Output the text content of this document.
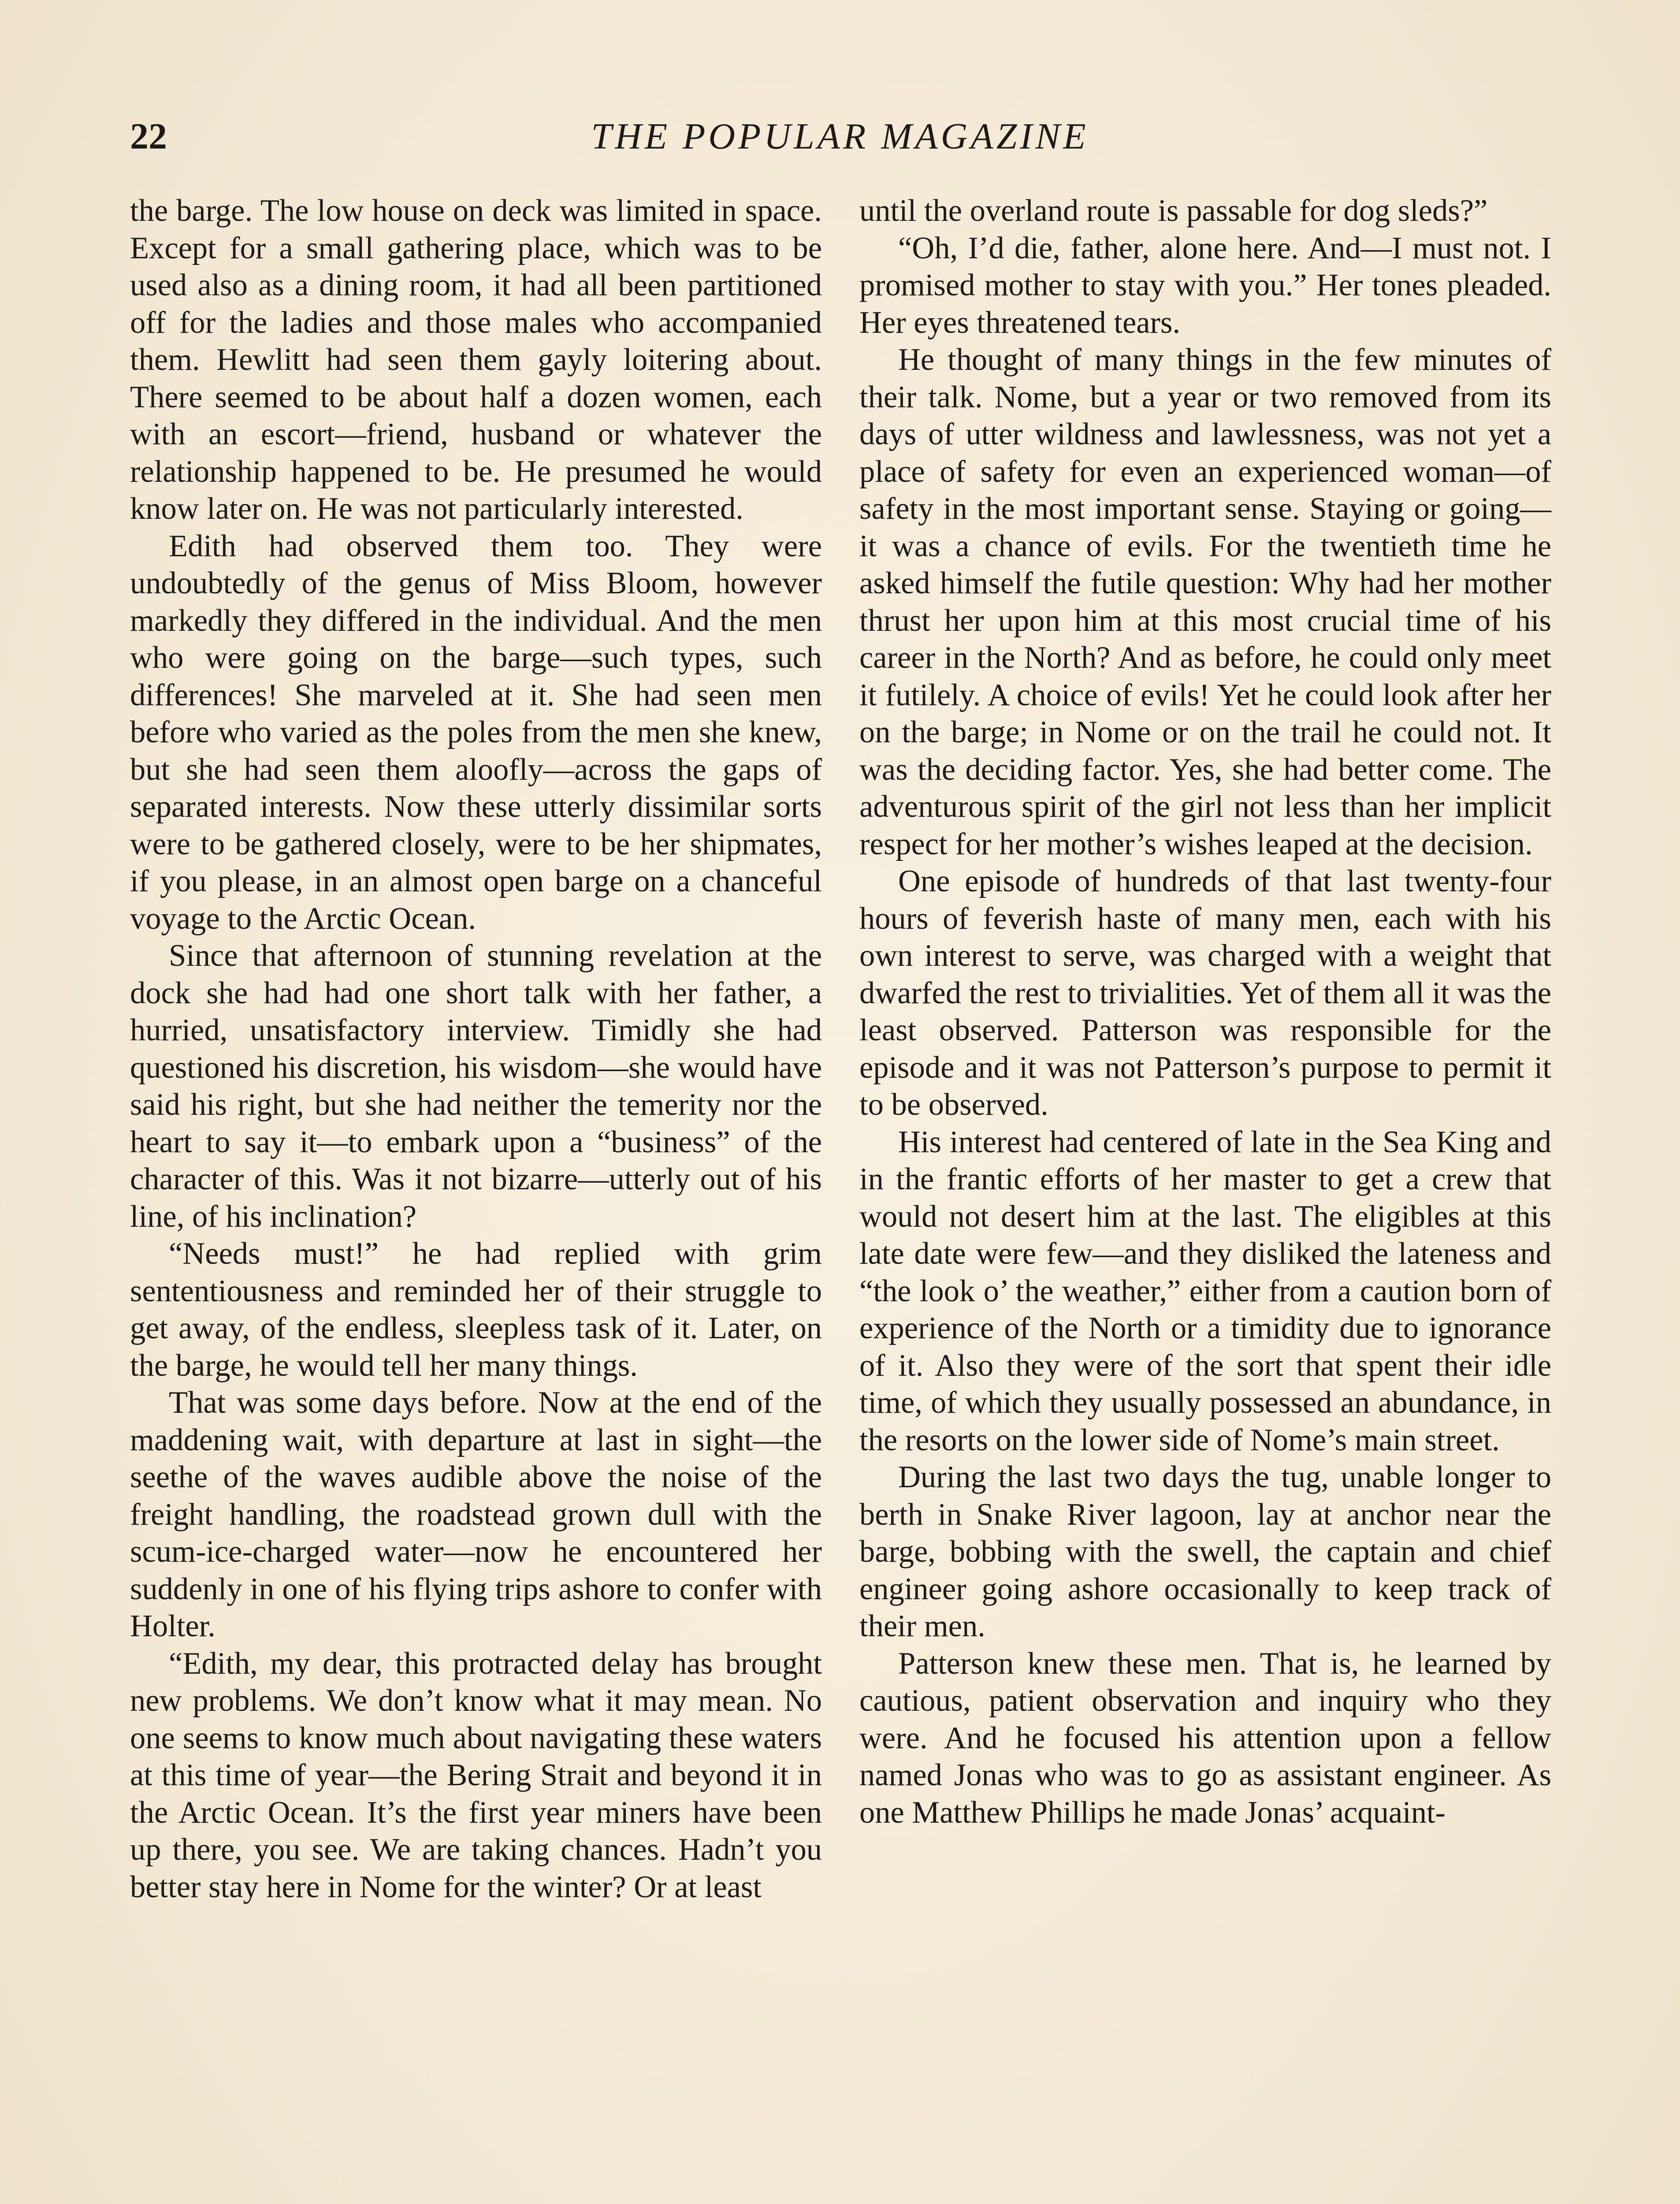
22	THE POPULAR MAGAZINE

the barge. The low house on deck was limited in space. Except for a small gathering place, which was to be used also as a dining room, it had all been partitioned off for the ladies and those males who accompanied them. Hewlitt had seen them gayly loitering about. There seemed to be about half a dozen women, each with an escort—friend, husband or whatever the relationship happened to be. He presumed he would know later on. He was not particularly interested.

Edith had observed them too. They were undoubtedly of the genus of Miss Bloom, however markedly they differed in the individual. And the men who were going on the barge—such types, such differences! She marveled at it. She had seen men before who varied as the poles from the men she knew, but she had seen them aloofly—across the gaps of separated interests. Now these utterly dissimilar sorts were to be gathered closely, were to be her shipmates, if you please, in an almost open barge on a chanceful voyage to the Arctic Ocean.

Since that afternoon of stunning revelation at the dock she had had one short talk with her father, a hurried, unsatisfactory interview. Timidly she had questioned his discretion, his wisdom—she would have said his right, but she had neither the temerity nor the heart to say it—to embark upon a “business” of the character of this. Was it not bizarre—utterly out of his line, of his inclination?

“Needs must!” he had replied with grim sententiousness and reminded her of their struggle to get away, of the endless, sleepless task of it. Later, on the barge, he would tell her many things.

That was some days before. Now at the end of the maddening wait, with departure at last in sight—the seethe of the waves audible above the noise of the freight handling, the roadstead grown dull with the scum-ice-charged water—now he encountered her suddenly in one of his flying trips ashore to confer with Holter.

“Edith, my dear, this protracted delay has brought new problems. We don’t know what it may mean. No one seems to know much about navigating these waters at this time of year—the Bering Strait and beyond it in the Arctic Ocean. It’s the first year miners have been up there, you see. We are taking chances. Hadn’t you better stay here in Nome for the winter? Or at least

until the overland route is passable for dog sleds?”

“Oh, I’d die, father, alone here. And—I must not. I promised mother to stay with you.” Her tones pleaded. Her eyes threatened tears.

He thought of many things in the few minutes of their talk. Nome, but a year or two removed from its days of utter wildness and lawlessness, was not yet a place of safety for even an experienced woman—of safety in the most important sense. Staying or going—it was a chance of evils. For the twentieth time he asked himself the futile question: Why had her mother thrust her upon him at this most crucial time of his career in the North? And as before, he could only meet it futilely. A choice of evils! Yet he could look after her on the barge; in Nome or on the trail he could not. It was the deciding factor. Yes, she had better come. The adventurous spirit of the girl not less than her implicit respect for her mother’s wishes leaped at the decision.

One episode of hundreds of that last twenty-four hours of feverish haste of many men, each with his own interest to serve, was charged with a weight that dwarfed the rest to trivialities. Yet of them all it was the least observed. Patterson was responsible for the episode and it was not Patterson’s purpose to permit it to be observed.

His interest had centered of late in the Sea King and in the frantic efforts of her master to get a crew that would not desert him at the last. The eligibles at this late date were few—and they disliked the lateness and “the look o’ the weather,” either from a caution born of experience of the North or a timidity due to ignorance of it. Also they were of the sort that spent their idle time, of which they usually possessed an abundance, in the resorts on the lower side of Nome’s main street.

During the last two days the tug, unable longer to berth in Snake River lagoon, lay at anchor near the barge, bobbing with the swell, the captain and chief engineer going ashore occasionally to keep track of their men.

Patterson knew these men. That is, he learned by cautious, patient observation and inquiry who they were. And he focused his attention upon a fellow named Jonas who was to go as assistant engineer. As one Matthew Phillips he made Jonas’ acquaint-
